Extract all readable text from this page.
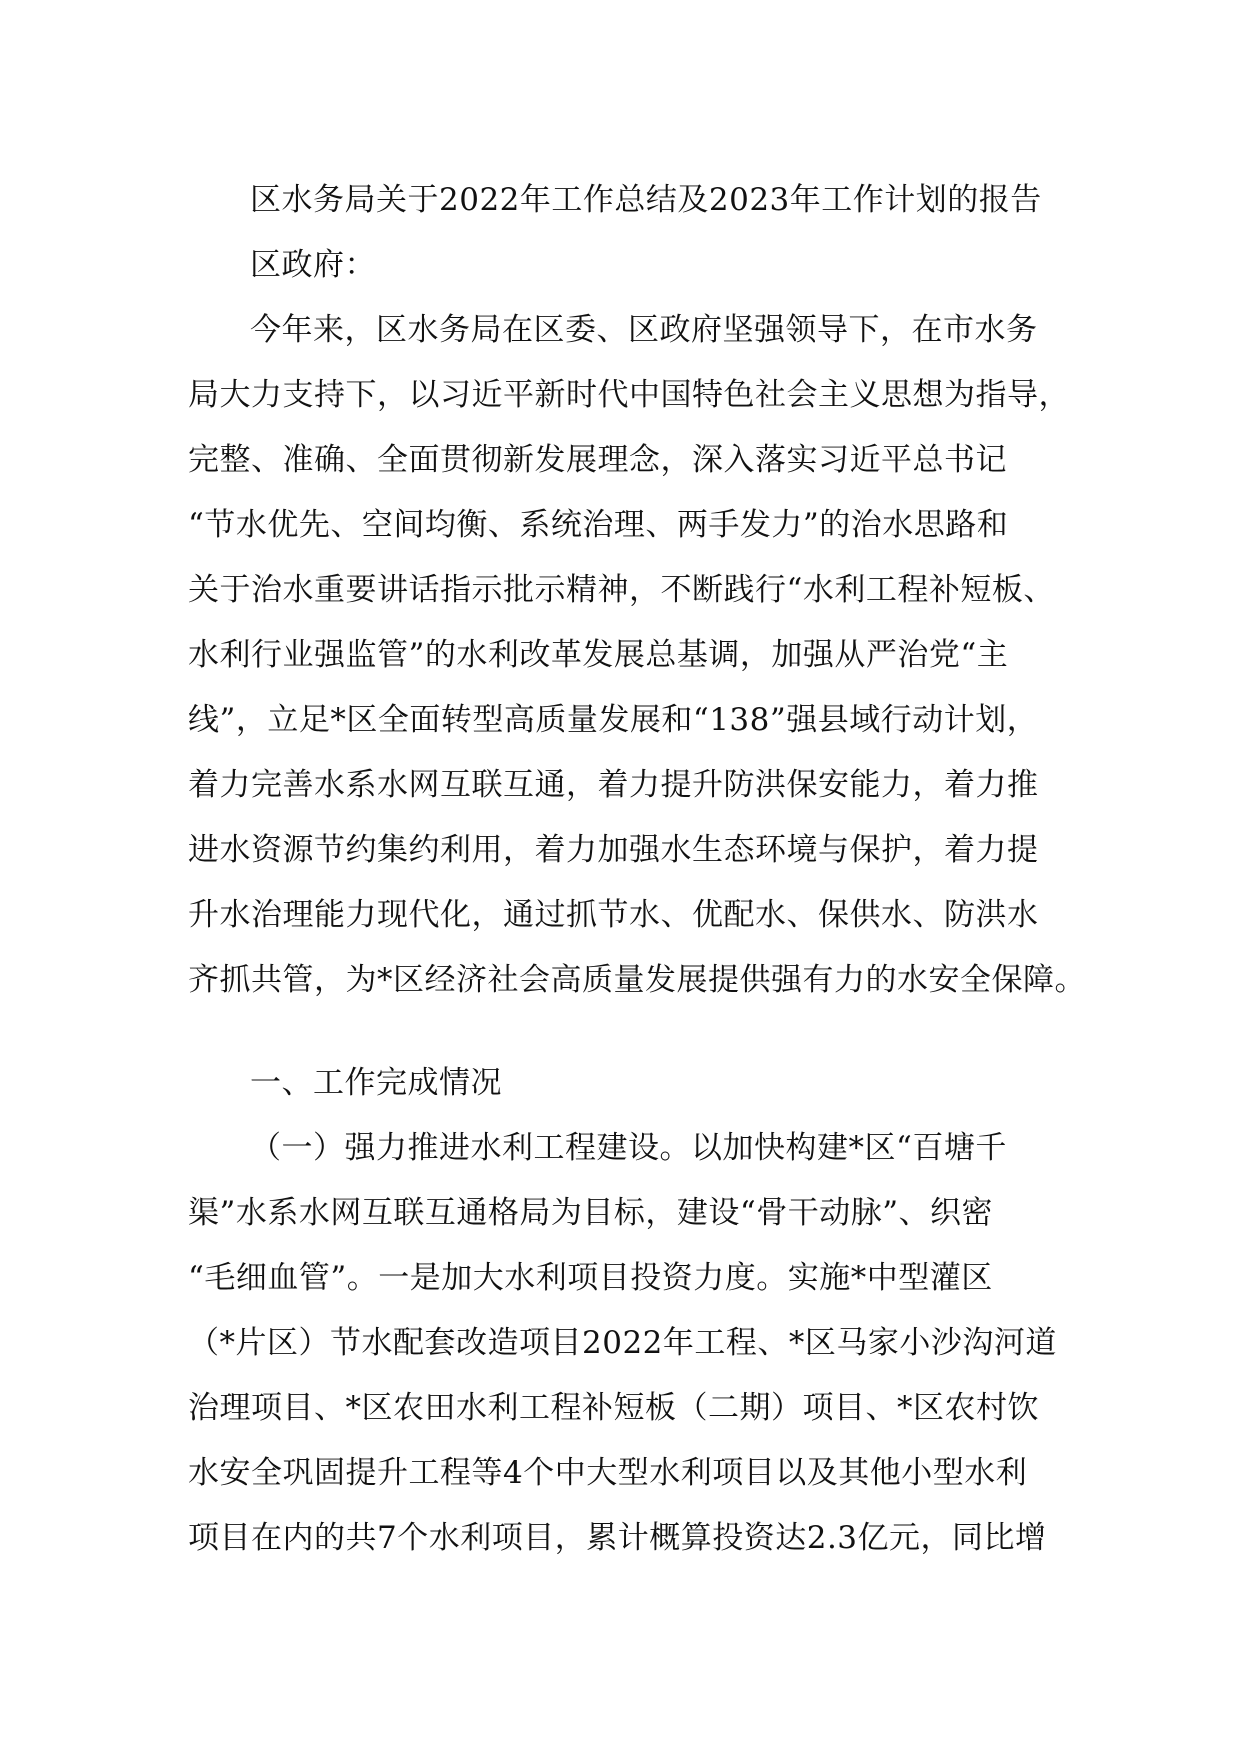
区水务局关于2022年工作总结及2023年工作计划的报告
区政府：
今年来，区水务局在区委、区政府坚强领导下，在市水务
局大力支持下，以习近平新时代中国特色社会主义思想为指导，
完整、准确、全面贯彻新发展理念，深入落实习近平总书记
“节水优先、空间均衡、系统治理、两手发力”的治水思路和
关于治水重要讲话指示批示精神，不断践行“水利工程补短板、
水利行业强监管”的水利改革发展总基调，加强从严治党“主
线”，立足*区全面转型高质量发展和“138”强县域行动计划，
着力完善水系水网互联互通，着力提升防洪保安能力，着力推
进水资源节约集约利用，着力加强水生态环境与保护，着力提
升水治理能力现代化，通过抓节水、优配水、保供水、防洪水
齐抓共管，为*区经济社会高质量发展提供强有力的水安全保障。
一、工作完成情况
（一）强力推进水利工程建设。以加快构建*区“百塘千
渠”水系水网互联互通格局为目标，建设“骨干动脉”、织密
“毛细血管”。一是加大水利项目投资力度。实施*中型灌区
（*片区）节水配套改造项目2022年工程、*区马家小沙沟河道
治理项目、*区农田水利工程补短板（二期）项目、*区农村饮
水安全巩固提升工程等4个中大型水利项目以及其他小型水利
项目在内的共7个水利项目，累计概算投资达2.3亿元，同比增
